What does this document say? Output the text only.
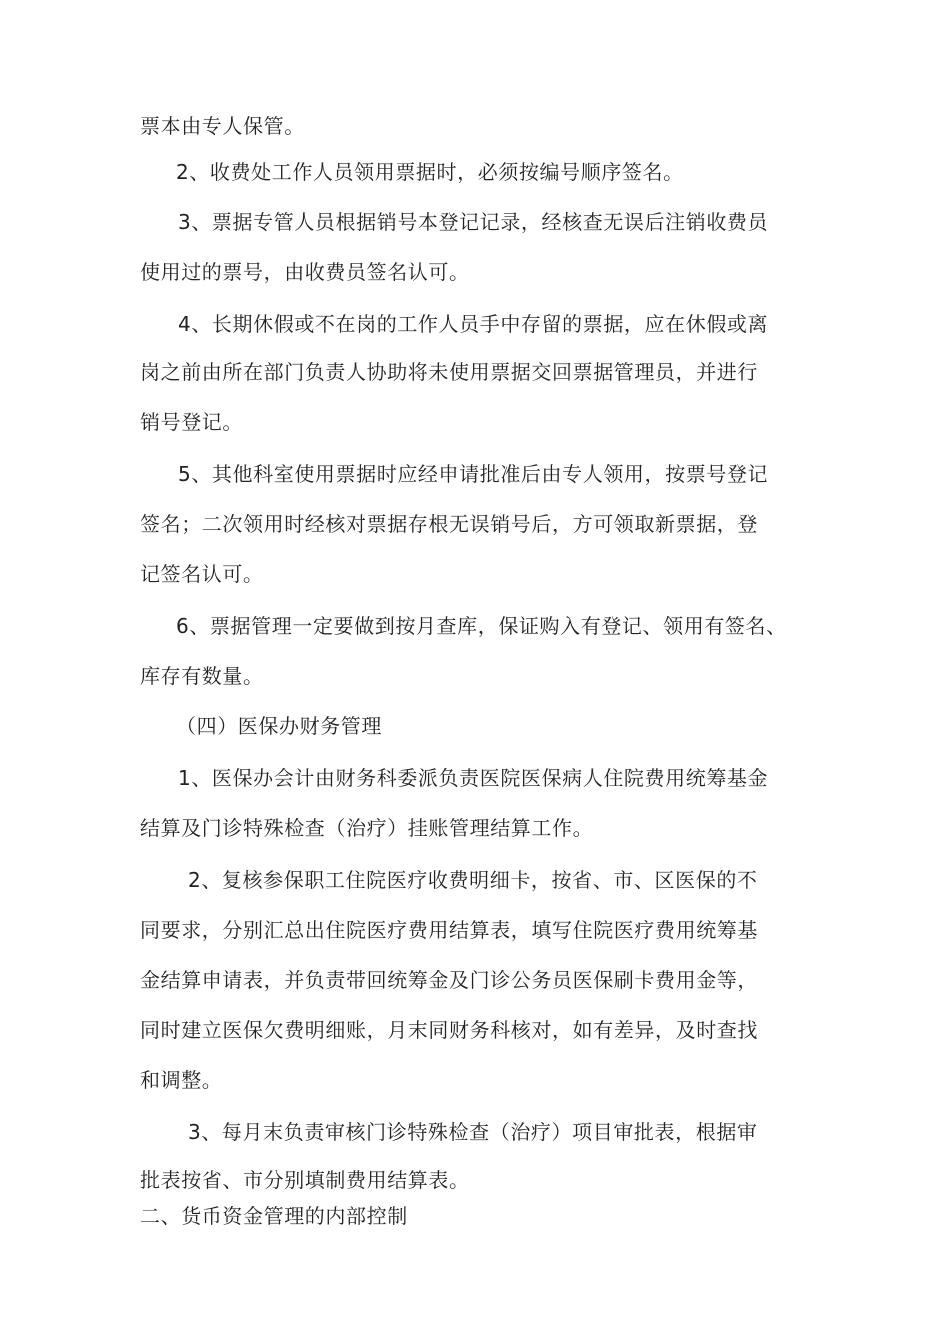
票本由专人保管。

2、收费处工作人员领用票据时，必须按编号顺序签名。

3、票据专管人员根据销号本登记记录，经核查无误后注销收费员

使用过的票号，由收费员签名认可。

4、长期休假或不在岗的工作人员手中存留的票据，应在休假或离

岗之前由所在部门负责人协助将未使用票据交回票据管理员，并进行

销号登记。

5、其他科室使用票据时应经申请批准后由专人领用，按票号登记

签名；二次领用时经核对票据存根无误销号后，方可领取新票据，登

记签名认可。

6、票据管理一定要做到按月查库，保证购入有登记、领用有签名、

库存有数量。

（四）医保办财务管理

1、医保办会计由财务科委派负责医院医保病人住院费用统筹基金

结算及门诊特殊检查（治疗）挂账管理结算工作。

2、复核参保职工住院医疗收费明细卡，按省、市、区医保的不

同要求，分别汇总出住院医疗费用结算表，填写住院医疗费用统筹基

金结算申请表，并负责带回统筹金及门诊公务员医保刷卡费用金等，

同时建立医保欠费明细账，月末同财务科核对，如有差异，及时查找

和调整。

3、每月末负责审核门诊特殊检查（治疗）项目审批表，根据审

批表按省、市分别填制费用结算表。

二、货币资金管理的内部控制
